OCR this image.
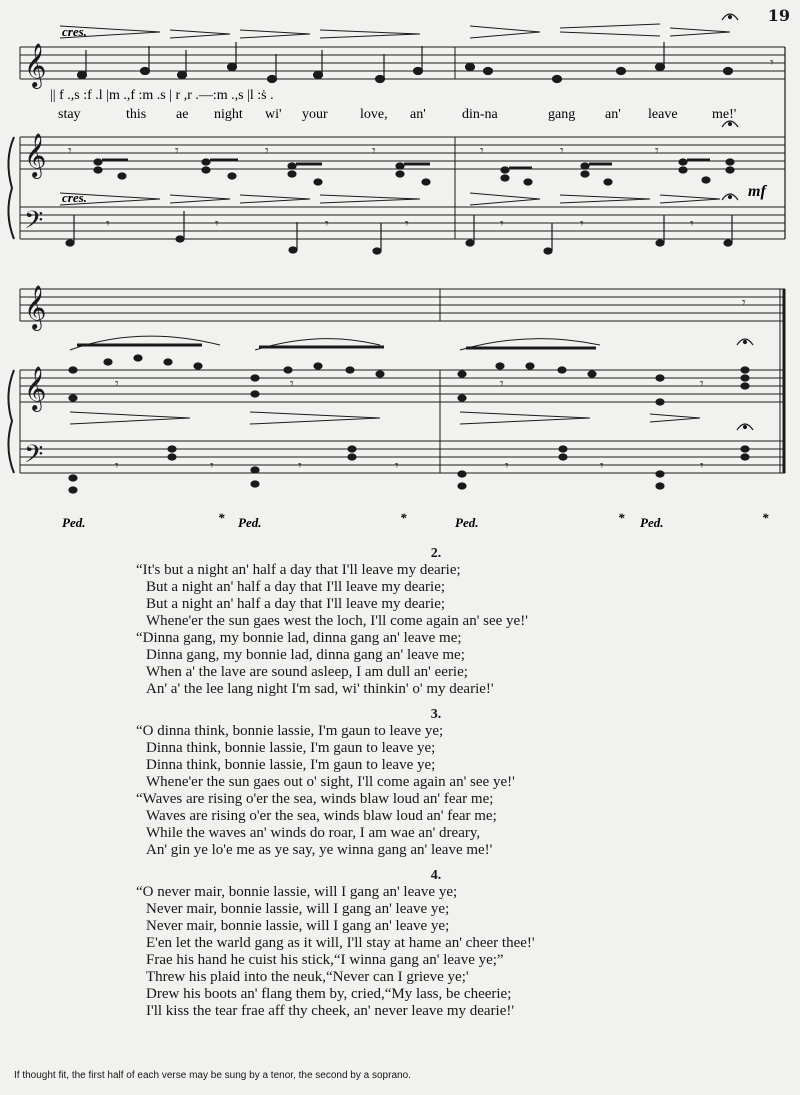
19
𝄞
𝄞
𝄢
𝄞
𝄞
𝄢
𝄾
𝄾	𝄾	𝄾	𝄾	𝄾	𝄾	𝄾
𝄾	𝄾	𝄾	𝄾	𝄾	𝄾	𝄾
𝄾
𝄾	𝄾	𝄾	𝄾
𝄾	𝄾	𝄾	𝄾	𝄾	𝄾	𝄾
cres.
cres.	mf
|| f .,s :f .l |m .,f :m .s | r ,r .—:m .,s |l :ṡ .
stay	this ae night wi' your love, an'	din-na	gang an' leave me!'
Ped.	* Ped.	*	Ped.	* Ped.	*
2.
“It's but a night an' half a day that I'll leave my dearie;
But a night an' half a day that I'll leave my dearie;
But a night an' half a day that I'll leave my dearie;
Whene'er the sun gaes west the loch, I'll come again an' see ye!'
“Dinna gang, my bonnie lad, dinna gang an' leave me;
Dinna gang, my bonnie lad, dinna gang an' leave me;
When a' the lave are sound asleep, I am dull an' eerie;
An' a' the lee lang night I'm sad, wi' thinkin' o' my dearie!'
3.
“O dinna think, bonnie lassie, I'm gaun to leave ye;
Dinna think, bonnie lassie, I'm gaun to leave ye;
Dinna think, bonnie lassie, I'm gaun to leave ye;
Whene'er the sun gaes out o' sight, I'll come again an' see ye!'
“Waves are rising o'er the sea, winds blaw loud an' fear me;
Waves are rising o'er the sea, winds blaw loud an' fear me;
While the waves an' winds do roar, I am wae an' dreary,
An' gin ye lo'e me as ye say, ye winna gang an' leave me!'
4.
“O never mair, bonnie lassie, will I gang an' leave ye;
Never mair, bonnie lassie, will I gang an' leave ye;
Never mair, bonnie lassie, will I gang an' leave ye;
E'en let the warld gang as it will, I'll stay at hame an' cheer thee!'
Frae his hand he cuist his stick,“I winna gang an' leave ye;”
Threw his plaid into the neuk,“Never can I grieve ye;'
Drew his boots an' flang them by, cried,“My lass, be cheerie;
I'll kiss the tear frae aff thy cheek, an' never leave my dearie!'
If thought fit, the first half of each verse may be sung by a tenor, the second by a soprano.
